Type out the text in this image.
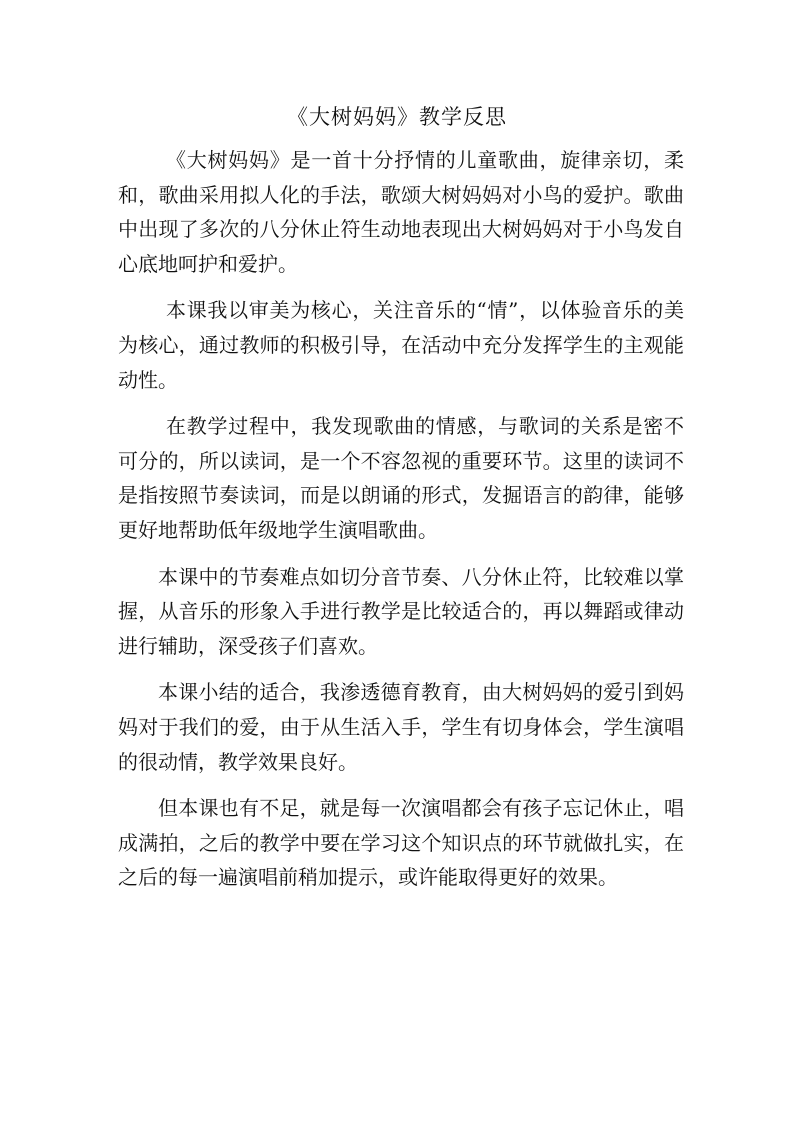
《大树妈妈》教学反思

《大树妈妈》是一首十分抒情的儿童歌曲，旋律亲切，柔和，歌曲采用拟人化的手法，歌颂大树妈妈对小鸟的爱护。歌曲中出现了多次的八分休止符生动地表现出大树妈妈对于小鸟发自心底地呵护和爱护。

本课我以审美为核心，关注音乐的“情”，以体验音乐的美为核心，通过教师的积极引导，在活动中充分发挥学生的主观能动性。

在教学过程中，我发现歌曲的情感，与歌词的关系是密不可分的，所以读词，是一个不容忽视的重要环节。这里的读词不是指按照节奏读词，而是以朗诵的形式，发掘语言的韵律，能够更好地帮助低年级地学生演唱歌曲。

本课中的节奏难点如切分音节奏、八分休止符，比较难以掌握，从音乐的形象入手进行教学是比较适合的，再以舞蹈或律动进行辅助，深受孩子们喜欢。

本课小结的适合，我渗透德育教育，由大树妈妈的爱引到妈妈对于我们的爱，由于从生活入手，学生有切身体会，学生演唱的很动情，教学效果良好。

但本课也有不足，就是每一次演唱都会有孩子忘记休止，唱成满拍，之后的教学中要在学习这个知识点的环节就做扎实，在之后的每一遍演唱前稍加提示，或许能取得更好的效果。
